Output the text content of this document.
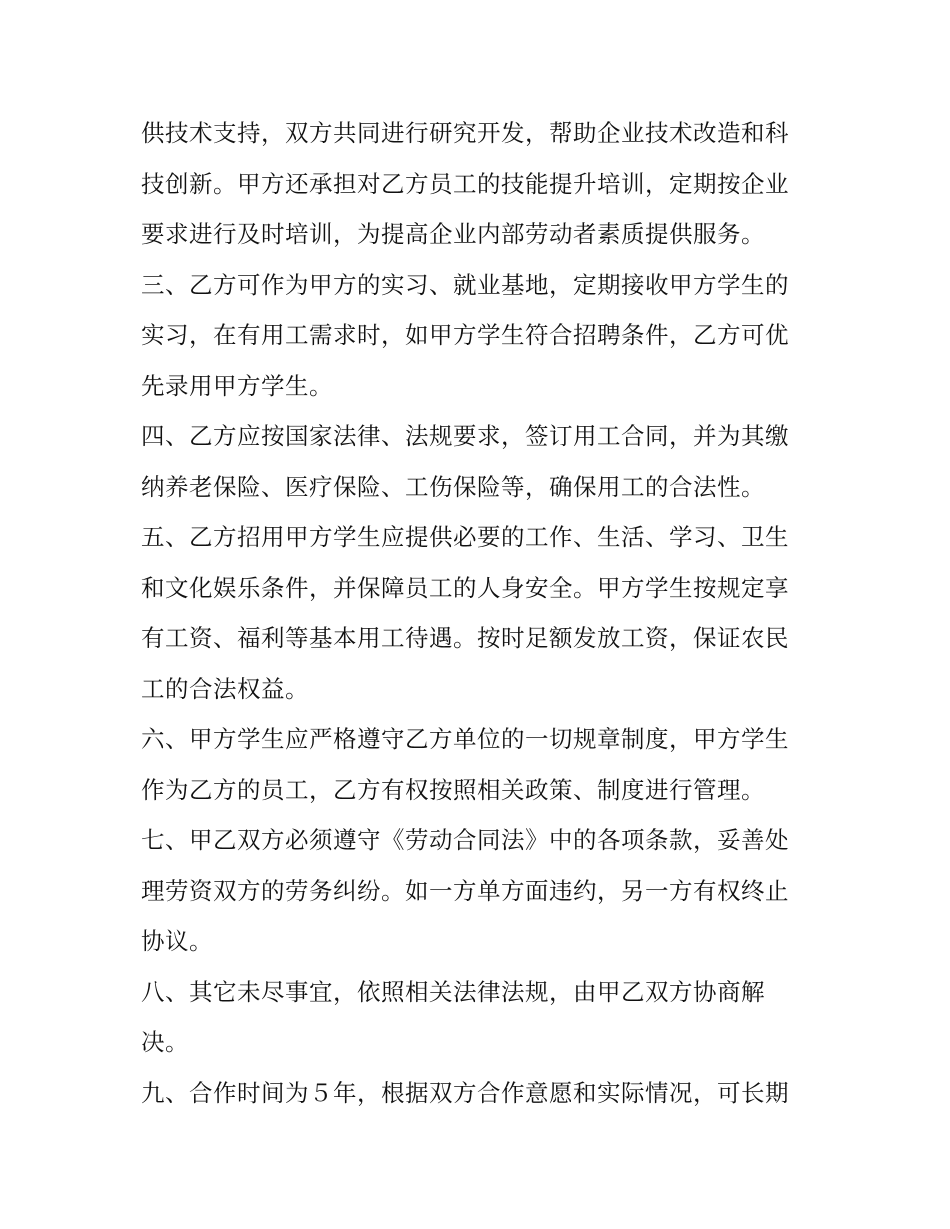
供技术支持，双方共同进行研究开发，帮助企业技术改造和科
技创新。甲方还承担对乙方员工的技能提升培训，定期按企业
要求进行及时培训，为提高企业内部劳动者素质提供服务。
三、乙方可作为甲方的实习、就业基地，定期接收甲方学生的
实习，在有用工需求时，如甲方学生符合招聘条件，乙方可优
先录用甲方学生。
四、乙方应按国家法律、法规要求，签订用工合同，并为其缴
纳养老保险、医疗保险、工伤保险等，确保用工的合法性。
五、乙方招用甲方学生应提供必要的工作、生活、学习、卫生
和文化娱乐条件，并保障员工的人身安全。甲方学生按规定享
有工资、福利等基本用工待遇。按时足额发放工资，保证农民
工的合法权益。
六、甲方学生应严格遵守乙方单位的一切规章制度，甲方学生
作为乙方的员工，乙方有权按照相关政策、制度进行管理。
七、甲乙双方必须遵守《劳动合同法》中的各项条款，妥善处
理劳资双方的劳务纠纷。如一方单方面违约，另一方有权终止
协议。
八、其它未尽事宜，依照相关法律法规，由甲乙双方协商解
决。
九、合作时间为５年，根据双方合作意愿和实际情况，可长期
